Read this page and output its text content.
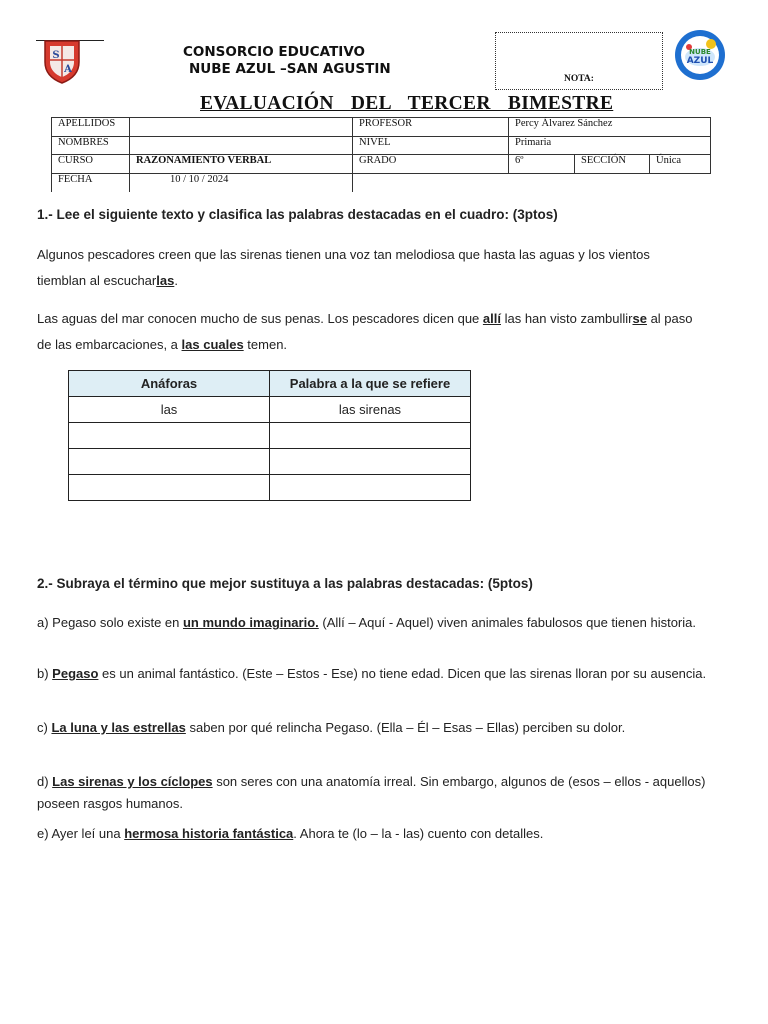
S
A
CONSORCIO EDUCATIVO
NUBE AZUL –SAN AGUSTIN
NOTA:
NUBE
AZUL
EVALUACIÓN DEL TERCER BIMESTRE
APELLIDOS		PROFESOR	Percy Álvarez Sánchez		
NOMBRES		NIVEL	Primaria		
CURSO	RAZONAMIENTO VERBAL	GRADO	6º	SECCIÓN	Única
FECHA	10 / 10 / 2024				
1.- Lee el siguiente texto y clasifica las palabras destacadas en el cuadro: (3ptos)
Algunos pescadores creen que las sirenas tienen una voz tan melodiosa que hasta las aguas y los vientos
tiemblan al escucharlas.
Las aguas del mar conocen mucho de sus penas. Los pescadores dicen que allí las han visto zambullirse al paso
de las embarcaciones, a las cuales temen.
Anáforas	Palabra a la que se refiere
las	las sirenas

2.- Subraya el término que mejor sustituya a las palabras destacadas: (5ptos)
a) Pegaso solo existe en un mundo imaginario. (Allí – Aquí - Aquel) viven animales fabulosos que tienen historia.
b) Pegaso es un animal fantástico. (Este – Estos - Ese) no tiene edad. Dicen que las sirenas lloran por su ausencia.
c) La luna y las estrellas saben por qué relincha Pegaso. (Ella – Él – Esas – Ellas) perciben su dolor.
d) Las sirenas y los cíclopes son seres con una anatomía irreal. Sin embargo, algunos de (esos – ellos - aquellos)
poseen rasgos humanos.
e) Ayer leí una hermosa historia fantástica. Ahora te (lo – la - las) cuento con detalles.
